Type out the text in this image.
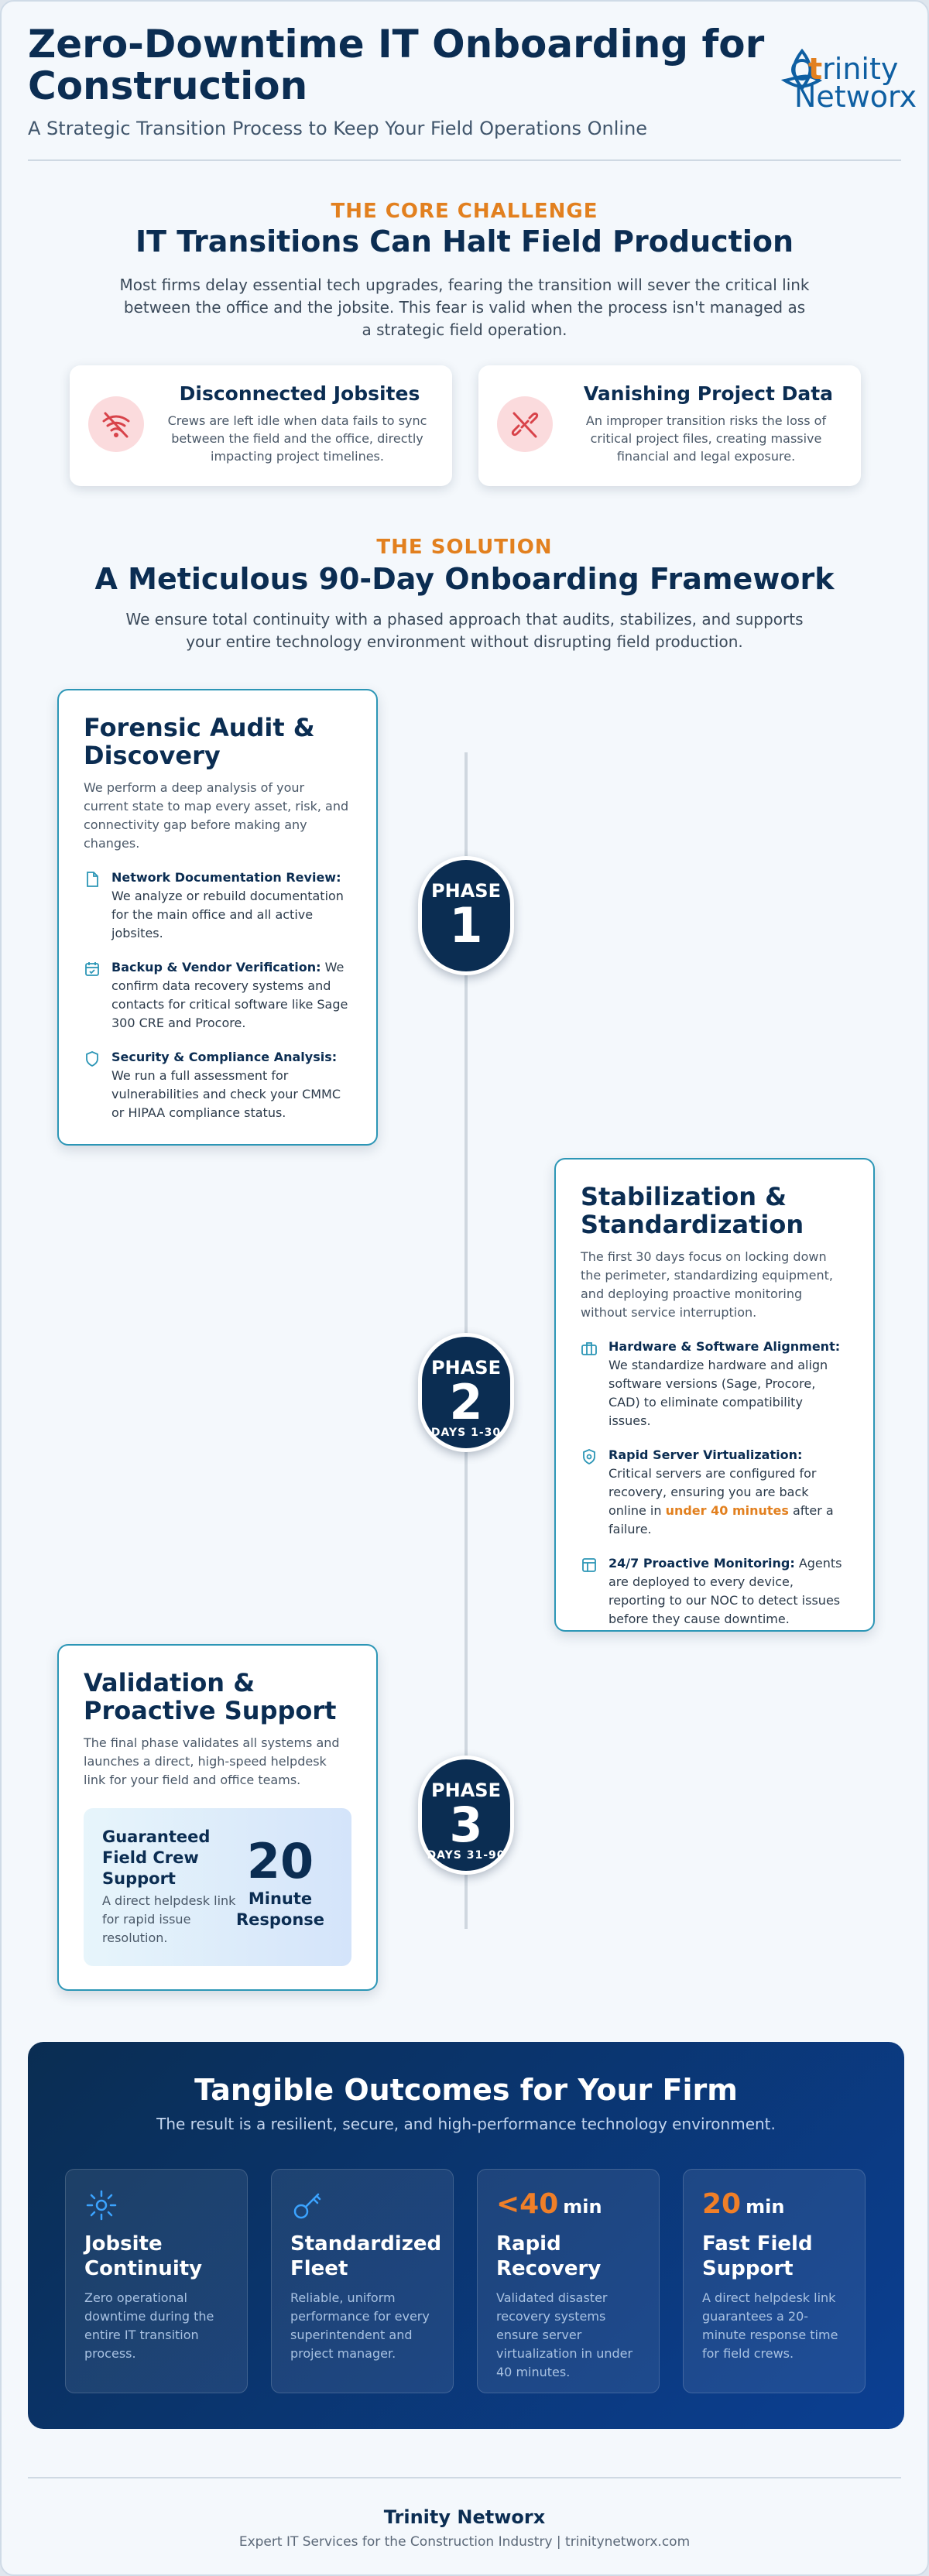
Zero-Downtime IT Onboarding for Construction
A Strategic Transition Process to Keep Your Field Operations Online
trinity
Networx
THE CORE CHALLENGE
IT Transitions Can Halt Field Production
Most firms delay essential tech upgrades, fearing the transition will sever the critical link between the office and the jobsite. This fear is valid when the process isn't managed as a strategic field operation.
Disconnected Jobsites
Crews are left idle when data fails to sync between the field and the office, directly impacting project timelines.
Vanishing Project Data
An improper transition risks the loss of critical project files, creating massive financial and legal exposure.
THE SOLUTION
A Meticulous 90-Day Onboarding Framework
We ensure total continuity with a phased approach that audits, stabilizes, and supports your entire technology environment without disrupting field production.
PHASE
1
PHASE
2
DAYS 1-30
PHASE
3
DAYS 31-90
Forensic Audit & Discovery
We perform a deep analysis of your current state to map every asset, risk, and connectivity gap before making any changes.
Network Documentation Review: We analyze or rebuild documentation for the main office and all active jobsites.
Backup & Vendor Verification: We confirm data recovery systems and contacts for critical software like Sage 300 CRE and Procore.
Security & Compliance Analysis: We run a full assessment for vulnerabilities and check your CMMC or HIPAA compliance status.
Stabilization & Standardization
The first 30 days focus on locking down the perimeter, standardizing equipment, and deploying proactive monitoring without service interruption.
Hardware & Software Alignment: We standardize hardware and align software versions (Sage, Procore, CAD) to eliminate compatibility issues.
Rapid Server Virtualization: Critical servers are configured for recovery, ensuring you are back online in under 40 minutes after a failure.
24/7 Proactive Monitoring: Agents are deployed to every device, reporting to our NOC to detect issues before they cause downtime.
Validation & Proactive Support
The final phase validates all systems and launches a direct, high-speed helpdesk link for your field and office teams.
Guaranteed Field Crew Support
A direct helpdesk link for rapid issue resolution.
20
Minute Response
Tangible Outcomes for Your Firm
The result is a resilient, secure, and high-performance technology environment.
Jobsite Continuity
Zero operational downtime during the entire IT transition process.
Standardized Fleet
Reliable, uniform performance for every superintendent and project manager.
<40 min
Rapid Recovery
Validated disaster recovery systems ensure server virtualization in under 40 minutes.
20 min
Fast Field Support
A direct helpdesk link guarantees a 20-minute response time for field crews.
Trinity Networx
Expert IT Services for the Construction Industry | trinitynetworx.com
